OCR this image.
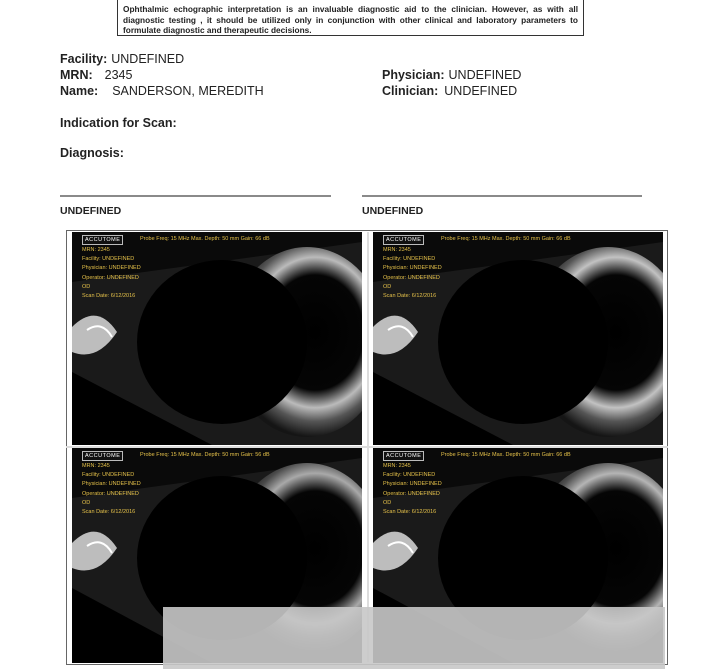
Ophthalmic echographic interpretation is an invaluable diagnostic aid to the clinician. However, as with all diagnostic testing , it should be utilized only in conjunction with other clinical and laboratory parameters to formulate diagnostic and therapeutic decisions.
Facility: UNDEFINED
MRN: 2345
Name: SANDERSON, MEREDITH
Physician: UNDEFINED
Clinician: UNDEFINED
Indication for Scan:
Diagnosis:
UNDEFINED	UNDEFINED
ACCUTOME	Probe Freq: 15 MHz Max. Depth: 50 mm Gain: 66 dB
MRN: 2345
Facility: UNDEFINED
Physician: UNDEFINED
Operator: UNDEFINED
OD
Scan Date: 6/12/2016
ACCUTOME	Probe Freq: 15 MHz Max. Depth: 50 mm Gain: 66 dB
MRN: 2345
Facility: UNDEFINED
Physician: UNDEFINED
Operator: UNDEFINED
OD
Scan Date: 6/12/2016
ACCUTOME	Probe Freq: 15 MHz Max. Depth: 50 mm Gain: 56 dB
MRN: 2345
Facility: UNDEFINED
Physician: UNDEFINED
Operator: UNDEFINED
OD
Scan Date: 6/12/2016
ACCUTOME	Probe Freq: 15 MHz Max. Depth: 50 mm Gain: 66 dB
MRN: 2345
Facility: UNDEFINED
Physician: UNDEFINED
Operator: UNDEFINED
OD
Scan Date: 6/12/2016
